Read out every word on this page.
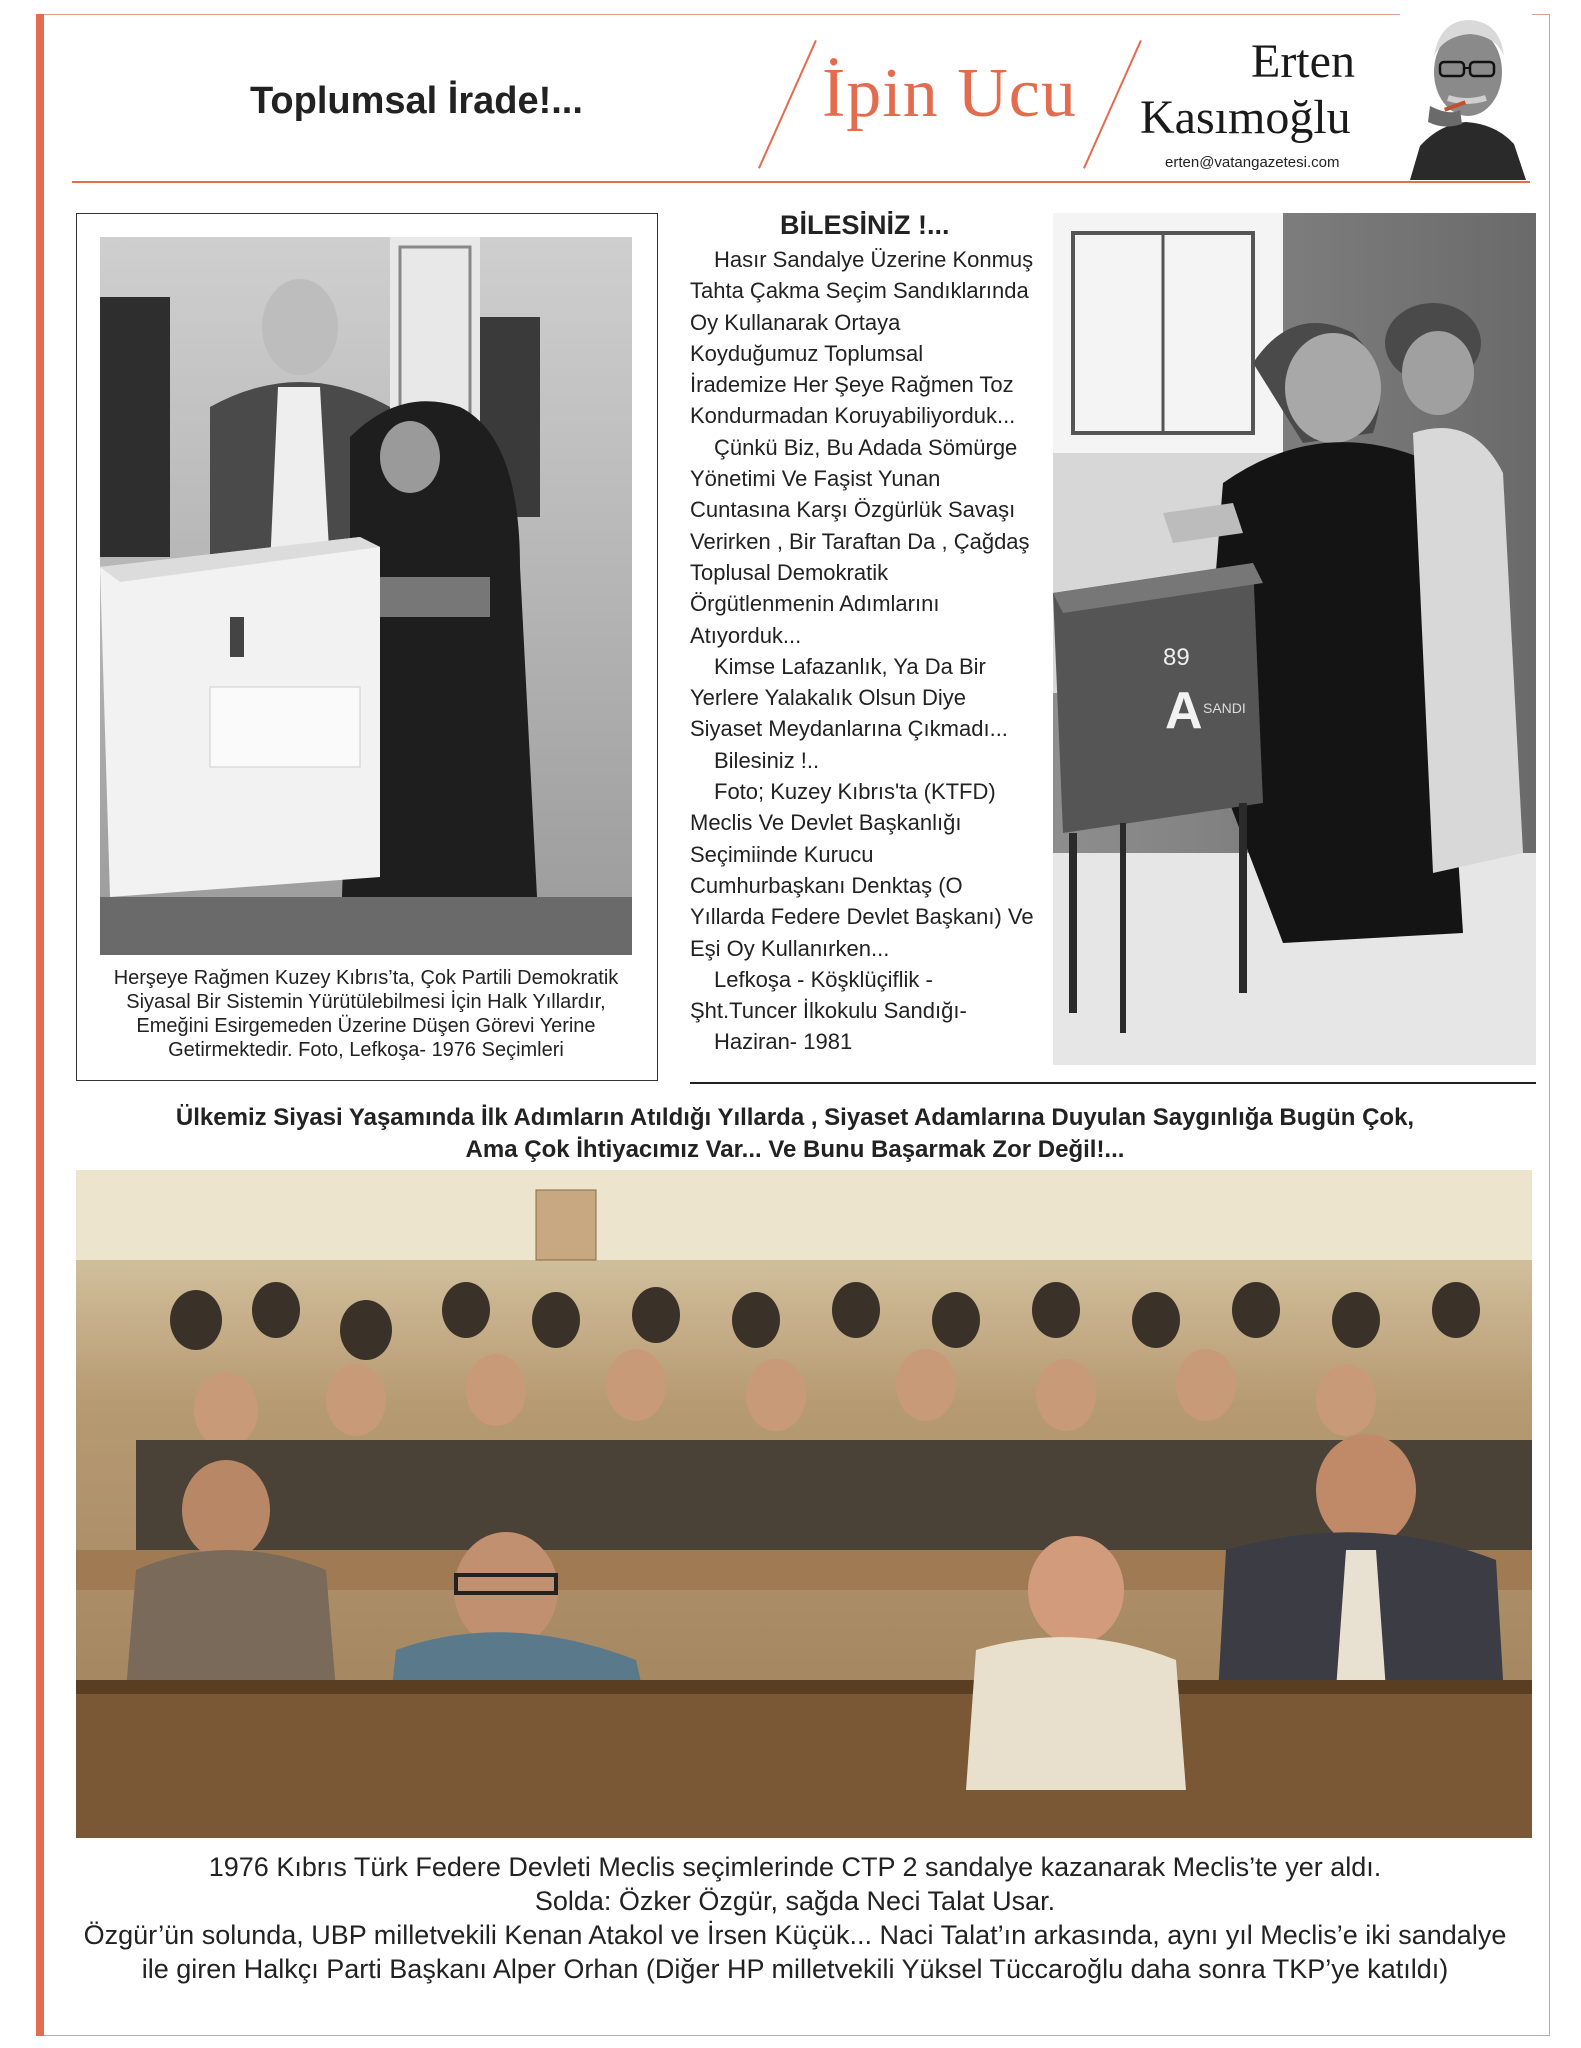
Toplumsal İrade!...	İpin Ucu	Erten
Kasımoğlu
erten@vatangazetesi.com
Herşeye Rağmen Kuzey Kıbrıs’ta, Çok Partili Demokratik Siyasal Bir Sistemin Yürütülebilmesi İçin Halk Yıllardır, Emeğini Esirgemeden Üzerine Düşen Görevi Yerine Getirmektedir. Foto, Lefkoşa- 1976 Seçimleri
BİLESİNİZ !...
Hasır Sandalye Üzerine Konmuş
Tahta Çakma Seçim Sandıklarında
Oy Kullanarak Ortaya
Koyduğumuz Toplumsal
İrademize Her Şeye Rağmen Toz
Kondurmadan Koruyabiliyorduk...
Çünkü Biz, Bu Adada Sömürge
Yönetimi Ve Faşist Yunan
Cuntasına Karşı Özgürlük Savaşı
Verirken , Bir Taraftan Da , Çağdaş
Toplusal Demokratik
Örgütlenmenin Adımlarını
Atıyorduk...
Kimse Lafazanlık, Ya Da Bir
Yerlere Yalakalık Olsun Diye
Siyaset Meydanlarına Çıkmadı...
Bilesiniz !..
Foto; Kuzey Kıbrıs'ta (KTFD)
Meclis Ve Devlet Başkanlığı
Seçimiinde Kurucu
Cumhurbaşkanı Denktaş (O
Yıllarda Federe Devlet Başkanı) Ve
Eşi Oy Kullanırken...
Lefkoşa - Köşklüçiflik -
Şht.Tuncer İlkokulu Sandığı-
Haziran- 1981
89
A SANDI
Ülkemiz Siyasi Yaşamında İlk Adımların Atıldığı Yıllarda , Siyaset Adamlarına Duyulan Saygınlığa Bugün Çok,
Ama Çok İhtiyacımız Var... Ve Bunu Başarmak Zor Değil!...
1976 Kıbrıs Türk Federe Devleti Meclis seçimlerinde CTP 2 sandalye kazanarak Meclis’te yer aldı.
Solda: Özker Özgür, sağda Neci Talat Usar.
Özgür’ün solunda, UBP milletvekili Kenan Atakol ve İrsen Küçük... Naci Talat’ın arkasında, aynı yıl Meclis’e iki sandalye
ile giren Halkçı Parti Başkanı Alper Orhan (Diğer HP milletvekili Yüksel Tüccaroğlu daha sonra TKP’ye katıldı)
